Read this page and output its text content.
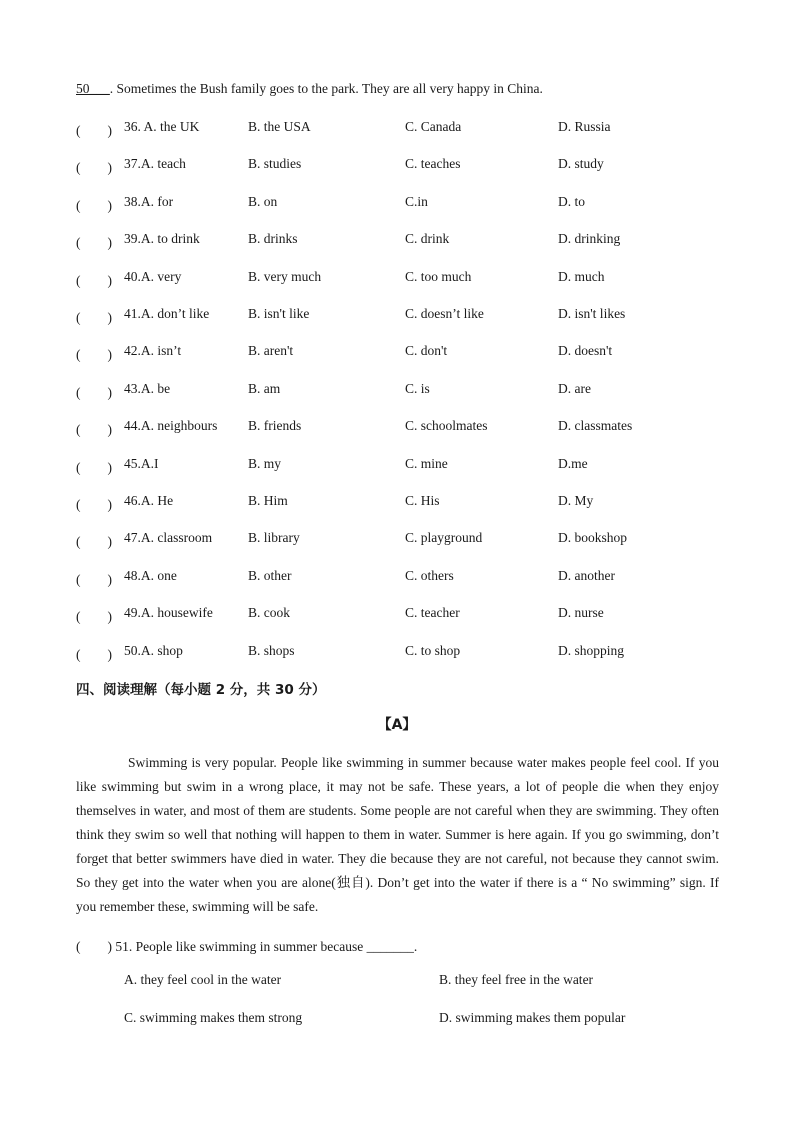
50___. Sometimes the Bush family goes to the park. They are all very happy in China.
(　　) 36. A. the UK	B. the USA	C. Canada	D. Russia
(　　) 37.A. teach	B. studies	C. teaches	D. study
(　　) 38.A. for	B. on	C.in	D. to
(　　) 39.A. to drink	B. drinks	C. drink	D. drinking
(　　) 40.A. very	B. very much	C. too much	D. much
(　　) 41.A. don’t like	B. isn't like	C. doesn’t like	D. isn't likes
(　　) 42.A. isn’t	B. aren't	C. don't	D. doesn't
(　　) 43.A. be	B. am	C. is	D. are
(　　) 44.A. neighbours B. friends	C. schoolmates	D. classmates
(　　) 45.A.I	B. my	C. mine	D.me
(　　) 46.A. He	B. Him	C. His	D. My
(　　) 47.A. classroom	B. library	C. playground	D. bookshop
(　　) 48.A. one	B. other	C. others	D. another
(　　) 49.A. housewife	B. cook	C. teacher	D. nurse
(　　) 50.A. shop	B. shops	C. to shop	D. shopping
四、阅读理解（每小题 2 分，共 30 分）
【A】

Swimming is very popular. People like swimming in summer because water makes people feel cool. If you like swimming but swim in a wrong place, it may not be safe. These years, a lot of people die when they enjoy themselves in water, and most of them are students. Some people are not careful when they are swimming. They often think they swim so well that nothing will happen to them in water. Summer is here again. If you go swimming, don’t forget that better swimmers have died in water. They die because they are not careful, not because they cannot swim. So they get into the water when you are alone(独自). Don’t get into the water if there is a “ No swimming” sign. If you remember these, swimming will be safe.

(　　) 51. People like swimming in summer because _______.
A. they feel cool in the water	B. they feel free in the water
C. swimming makes them strong	D. swimming makes them popular
